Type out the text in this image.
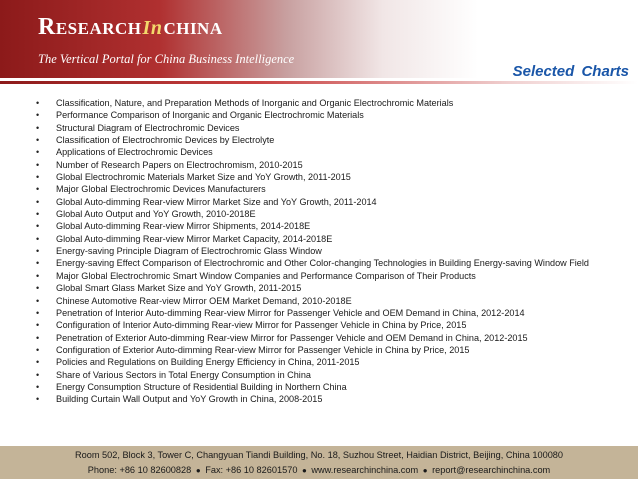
R ESEARCH In CHINA
The Vertical Portal for China Business Intelligence
Selected Charts
• Classification, Nature, and Preparation Methods of Inorganic and Organic Electrochromic Materials
• Performance Comparison of Inorganic and Organic Electrochromic Materials
• Structural Diagram of Electrochromic Devices
• Classification of Electrochromic Devices by Electrolyte
• Applications of Electrochromic Devices
• Number of Research Papers on Electrochromism, 2010-2015
• Global Electrochromic Materials Market Size and YoY Growth, 2011-2015
• Major Global Electrochromic Devices Manufacturers
• Global Auto-dimming Rear-view Mirror Market Size and YoY Growth, 2011-2014
• Global Auto Output and YoY Growth, 2010-2018E
• Global Auto-dimming Rear-view Mirror Shipments, 2014-2018E
• Global Auto-dimming Rear-view Mirror Market Capacity, 2014-2018E
• Energy-saving Principle Diagram of Electrochromic Glass Window
• Energy-saving Effect Comparison of Electrochromic and Other Color-changing Technologies in Building Energy-saving Window Field
• Major Global Electrochromic Smart Window Companies and Performance Comparison of Their Products
• Global Smart Glass Market Size and YoY Growth, 2011-2015
• Chinese Automotive Rear-view Mirror OEM Market Demand, 2010-2018E
• Penetration of Interior Auto-dimming Rear-view Mirror for Passenger Vehicle and OEM Demand in China, 2012-2014
• Configuration of Interior Auto-dimming Rear-view Mirror for Passenger Vehicle in China by Price, 2015
• Penetration of Exterior Auto-dimming Rear-view Mirror for Passenger Vehicle and OEM Demand in China, 2012-2015
• Configuration of Exterior Auto-dimming Rear-view Mirror for Passenger Vehicle in China by Price, 2015
• Policies and Regulations on Building Energy Efficiency in China, 2011-2015
• Share of Various Sectors in Total Energy Consumption in China
• Energy Consumption Structure of Residential Building in Northern China
• Building Curtain Wall Output and YoY Growth in China, 2008-2015
Room 502, Block 3, Tower C, Changyuan Tiandi Building, No. 18, Suzhou Street, Haidian District, Beijing, China 100080
Phone: +86 10 82600828 ● Fax: +86 10 82601570 ● www.researchinchina.com ● report@researchinchina.com
